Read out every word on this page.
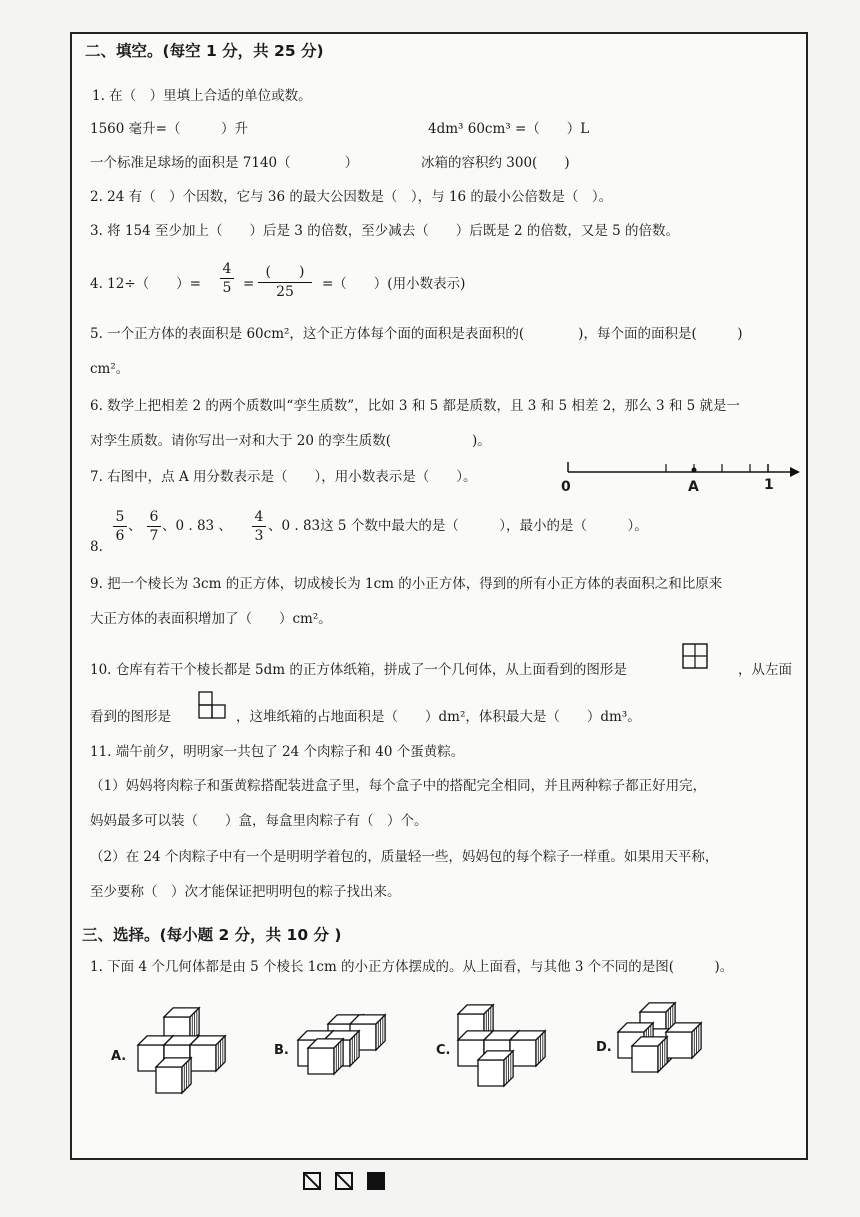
二、填空。(每空 1 分，共 25 分)
1. 在（　）里填上合适的单位或数。
1560 毫升=（　　　）升	4dm³ 60cm³ =（　　）L
一个标准足球场的面积是 7140（　　　　）	冰箱的容积约 300(　　)
2. 24 有（　）个因数，它与 36 的最大公因数是（　），与 16 的最小公倍数是（　）。
3. 将 154 至少加上（　　）后是 3 的倍数，至少减去（　　）后既是 2 的倍数，又是 5 的倍数。
4. 12÷（　　）=
4
5 =
(　　)
25	=（　　）(用小数表示)
5. 一个正方体的表面积是 60cm²，这个正方体每个面的面积是表面积的(　　　　)，每个面的面积是(　　　)
cm²。
6. 数学上把相差 2 的两个质数叫“孪生质数”，比如 3 和 5 都是质数，且 3 和 5 相差 2，那么 3 和 5 就是一
对孪生质数。请你写出一对和大于 20 的孪生质数(　　　　　　)。
7. 右图中，点 A 用分数表示是（　　），用小数表示是（　　）。
0	A	1
8.
5
6
、
6
7
、0 . 83 、
4
3
、0 . 8̇3̇这 5 个数中最大的是（　　　），最小的是（　　　）。
9. 把一个棱长为 3cm 的正方体，切成棱长为 1cm 的小正方体，得到的所有小正方体的表面积之和比原来
大正方体的表面积增加了（　　）cm²。
10. 仓库有若干个棱长都是 5dm 的正方体纸箱，拼成了一个几何体，从上面看到的图形是	，从左面
看到的图形是	，这堆纸箱的占地面积是（　　）dm²，体积最大是（　　）dm³。
11. 端午前夕，明明家一共包了 24 个肉粽子和 40 个蛋黄粽。
（1）妈妈将肉粽子和蛋黄粽搭配装进盒子里，每个盒子中的搭配完全相同，并且两种粽子都正好用完，
妈妈最多可以装（　　）盒，每盒里肉粽子有（　）个。
（2）在 24 个肉粽子中有一个是明明学着包的，质量轻一些，妈妈包的每个粽子一样重。如果用天平称，
至少要称（　）次才能保证把明明包的粽子找出来。
三、选择。(每小题 2 分，共 10 分 )
1. 下面 4 个几何体都是由 5 个棱长 1cm 的小正方体摆成的。从上面看，与其他 3 个不同的是图(　　　)。
A.	B.	C.	D.
